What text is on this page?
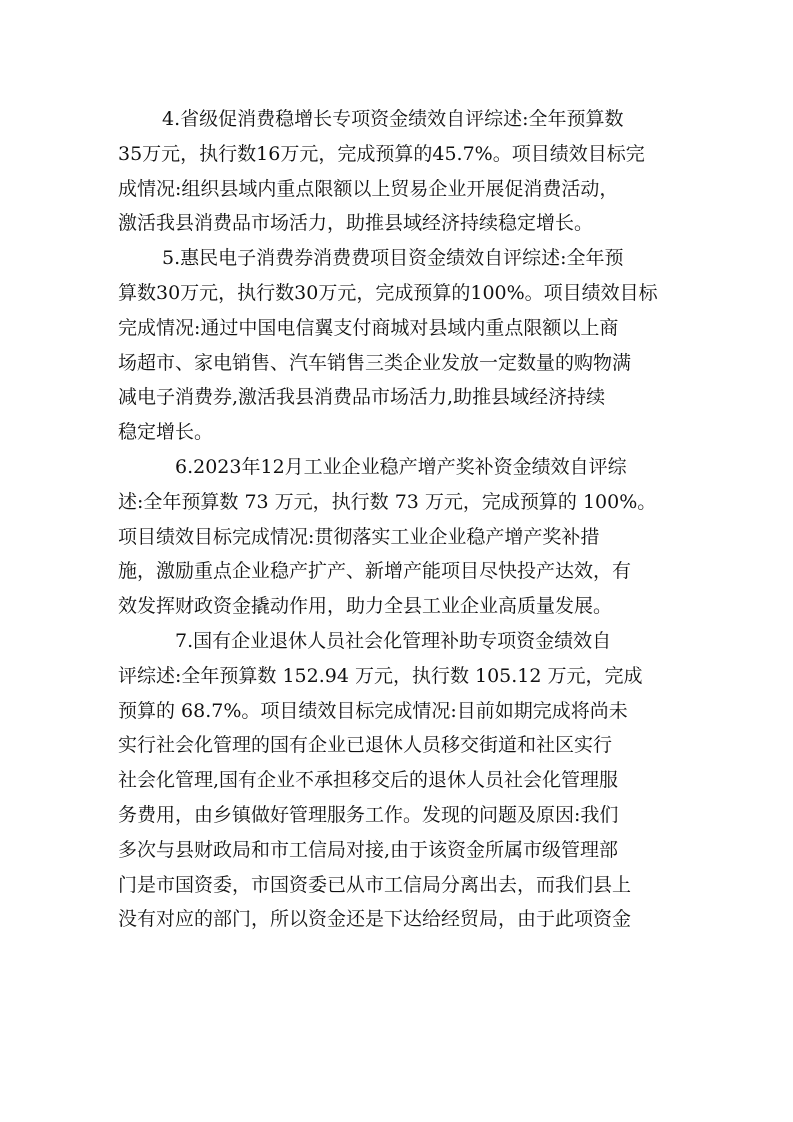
4.省级促消费稳增长专项资金绩效自评综述:全年预算数
35万元，执行数16万元，完成预算的45.7%。项目绩效目标完
成情况:组织县域内重点限额以上贸易企业开展促消费活动，
激活我县消费品市场活力，助推县域经济持续稳定增长。
5.惠民电子消费券消费费项目资金绩效自评综述:全年预
算数30万元，执行数30万元，完成预算的100%。项目绩效目标
完成情况:通过中国电信翼支付商城对县域内重点限额以上商
场超市、家电销售、汽车销售三类企业发放一定数量的购物满
减电子消费券,激活我县消费品市场活力,助推县域经济持续
稳定增长。
6.2023年12月工业企业稳产增产奖补资金绩效自评综
述:全年预算数 73 万元，执行数 73 万元，完成预算的 100%。
项目绩效目标完成情况:贯彻落实工业企业稳产增产奖补措
施，激励重点企业稳产扩产、新增产能项目尽快投产达效，有
效发挥财政资金撬动作用，助力全县工业企业高质量发展。
7.国有企业退休人员社会化管理补助专项资金绩效自
评综述:全年预算数 152.94 万元，执行数 105.12 万元，完成
预算的 68.7%。项目绩效目标完成情况:目前如期完成将尚未
实行社会化管理的国有企业已退休人员移交街道和社区实行
社会化管理,国有企业不承担移交后的退休人员社会化管理服
务费用，由乡镇做好管理服务工作。发现的问题及原因:我们
多次与县财政局和市工信局对接,由于该资金所属市级管理部
门是市国资委，市国资委已从市工信局分离出去，而我们县上
没有对应的部门，所以资金还是下达给经贸局，由于此项资金
